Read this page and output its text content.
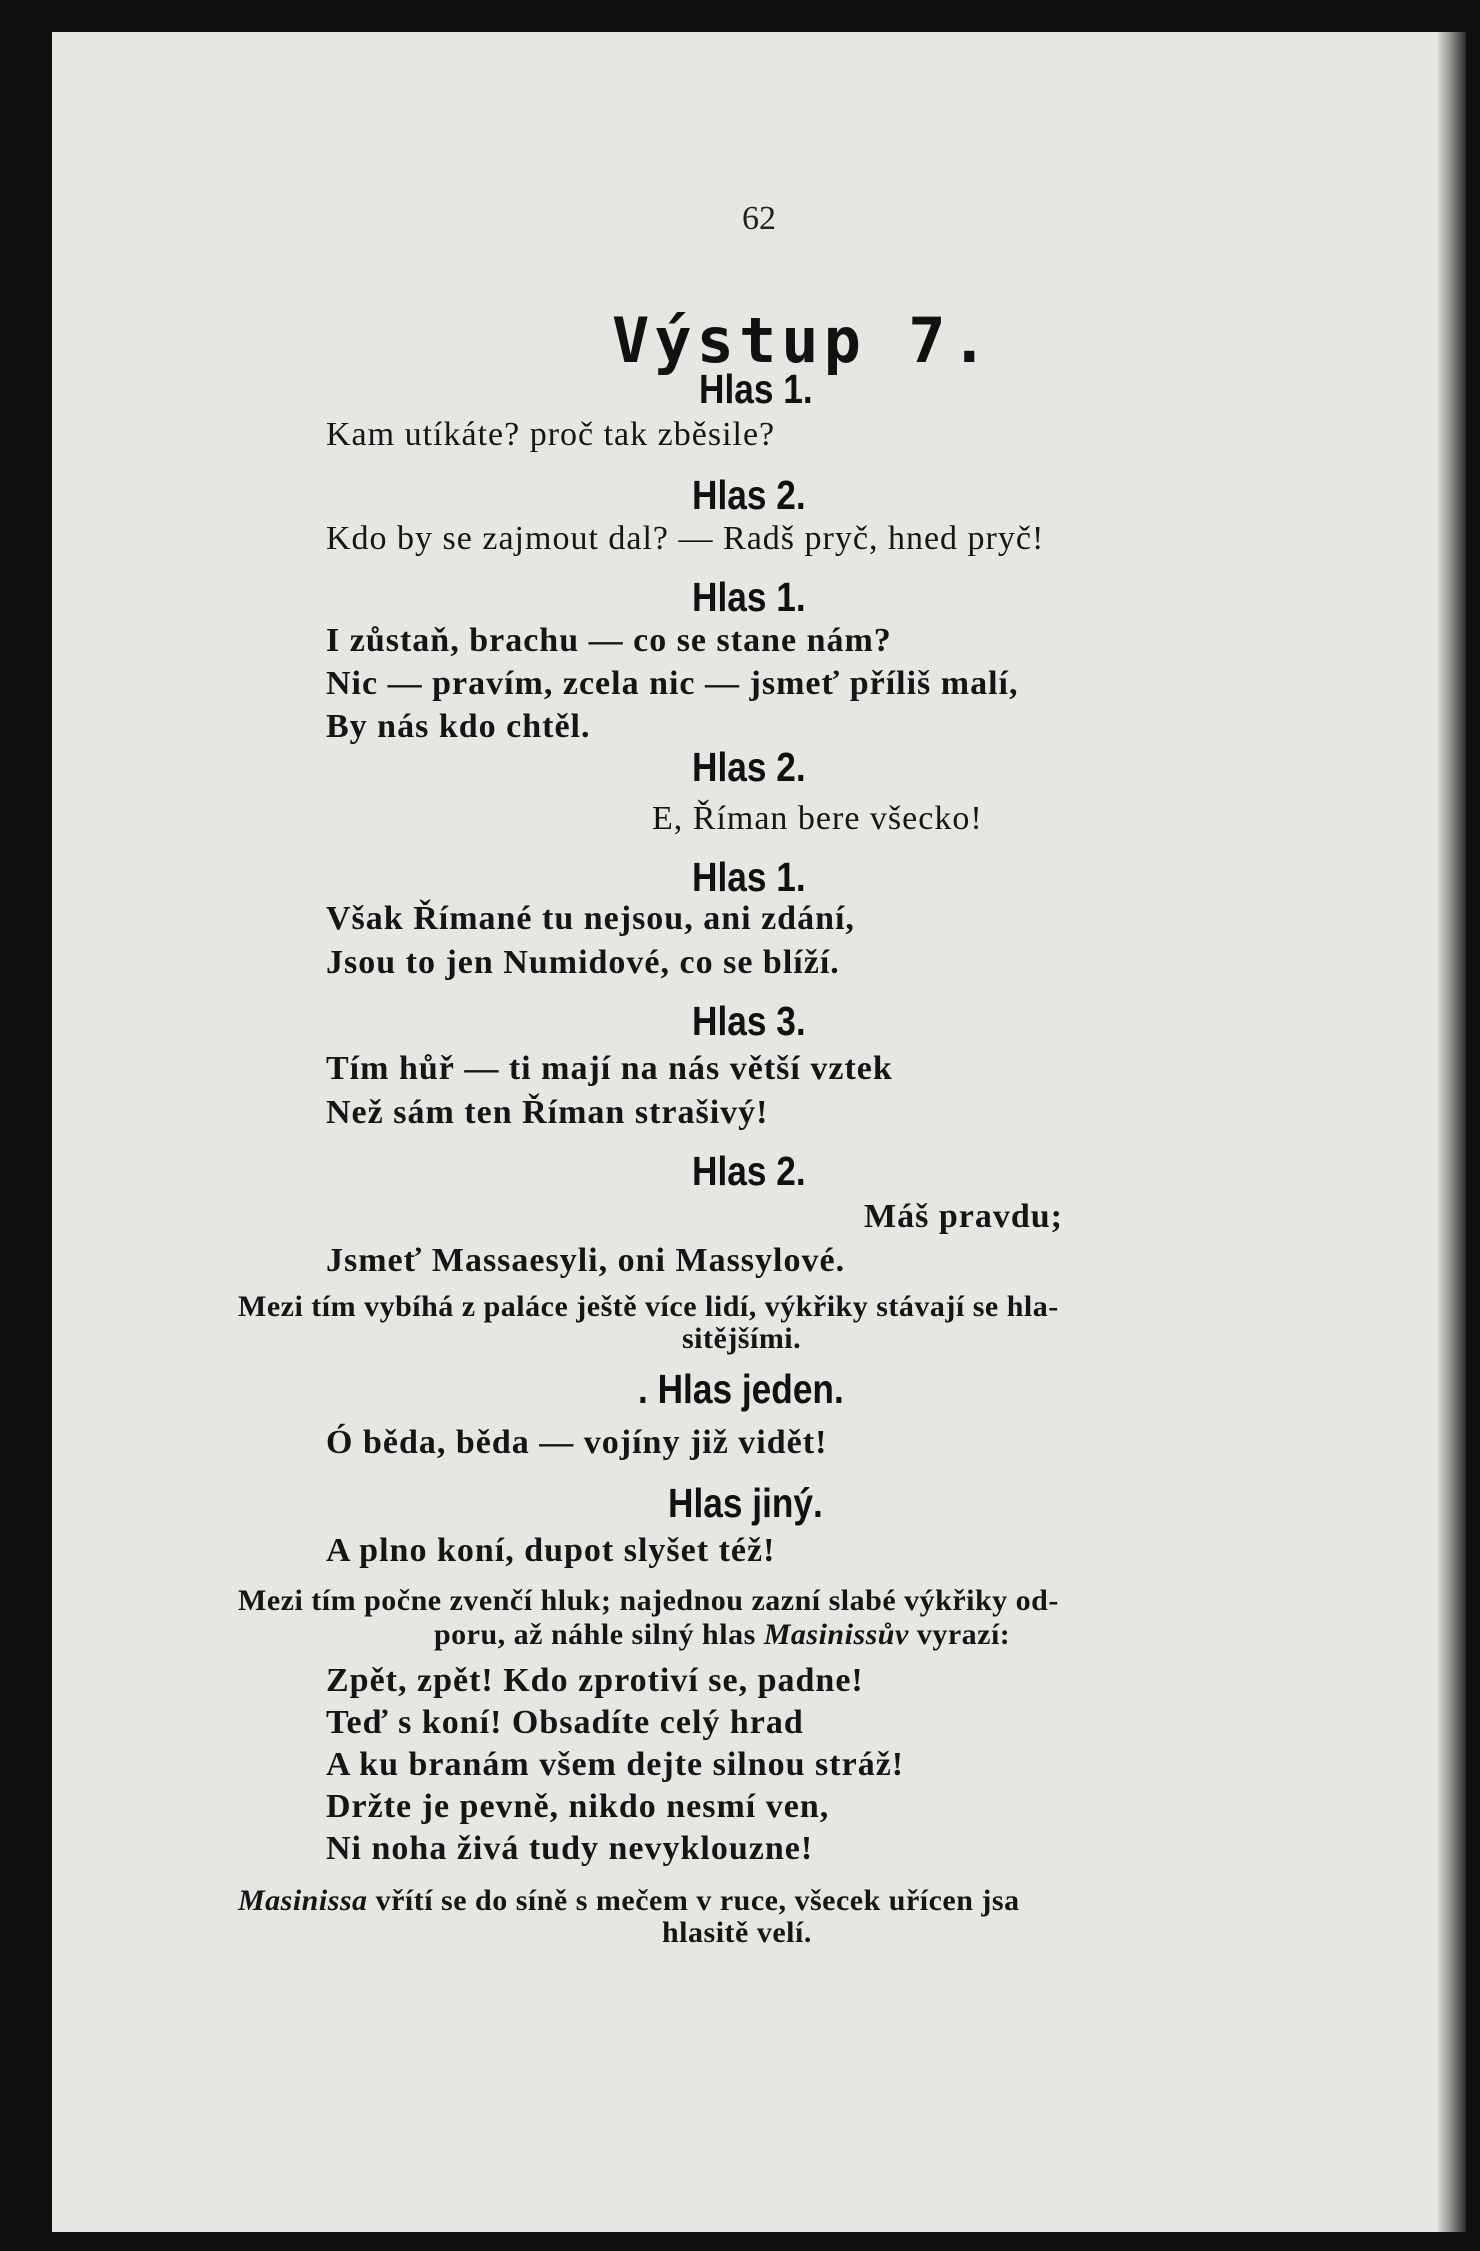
62
Výstup 7.
Hlas 1.
Kam utíkáte? proč tak zběsile?
Hlas 2.
Kdo by se zajmout dal? — Radš pryč, hned pryč!
Hlas 1.
I zůstaň, brachu — co se stane nám?
Nic — pravím, zcela nic — jsmeť příliš malí,
By nás kdo chtěl.
Hlas 2.
E, Říman bere všecko!
Hlas 1.
Však Římané tu nejsou, ani zdání,
Jsou to jen Numidové, co se blíží.
Hlas 3.
Tím hůř — ti mají na nás větší vztek
Než sám ten Říman strašivý!
Hlas 2.
Máš pravdu;
Jsmeť Massaesyli, oni Massylové.
Mezi tím vybíhá z paláce ještě více lidí, výkřiky stávají se hla-
sitějšími.
. Hlas jeden.
Ó běda, běda — vojíny již vidět!
Hlas jiný.
A plno koní, dupot slyšet též!
Mezi tím počne zvenčí hluk; najednou zazní slabé výkřiky od-
poru, až náhle silný hlas Masinissův vyrazí:
Zpět, zpět! Kdo zprotiví se, padne!
Teď s koní! Obsadíte celý hrad
A ku branám všem dejte silnou stráž!
Držte je pevně, nikdo nesmí ven,
Ni noha živá tudy nevyklouzne!
Masinissa vřítí se do síně s mečem v ruce, všecek uřícen jsa
hlasitě velí.
